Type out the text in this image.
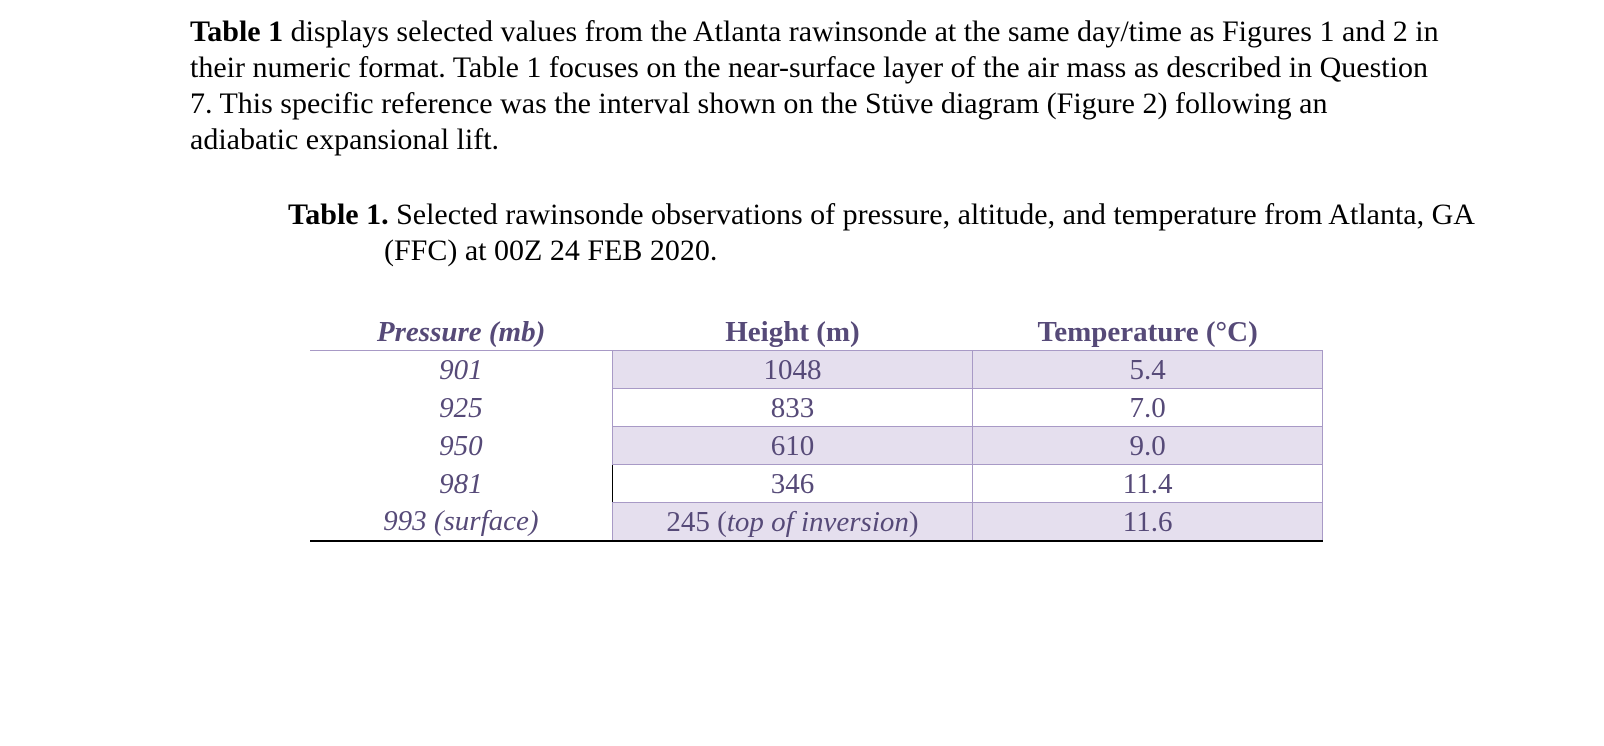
Table 1 displays selected values from the Atlanta rawinsonde at the same day/time as Figures 1 and 2 in their numeric format. Table 1 focuses on the near-surface layer of the air mass as described in Question 7. This specific reference was the interval shown on the Stüve diagram (Figure 2) following an adiabatic expansional lift.

Table 1. Selected rawinsonde observations of pressure, altitude, and temperature from Atlanta, GA (FFC) at 00Z 24 FEB 2020.

Pressure (mb)	Height (m)	Temperature (°C)
901	1048	5.4
925	833	7.0
950	610	9.0
981	346	11.4
993 (surface)	245 (top of inversion)	11.6
